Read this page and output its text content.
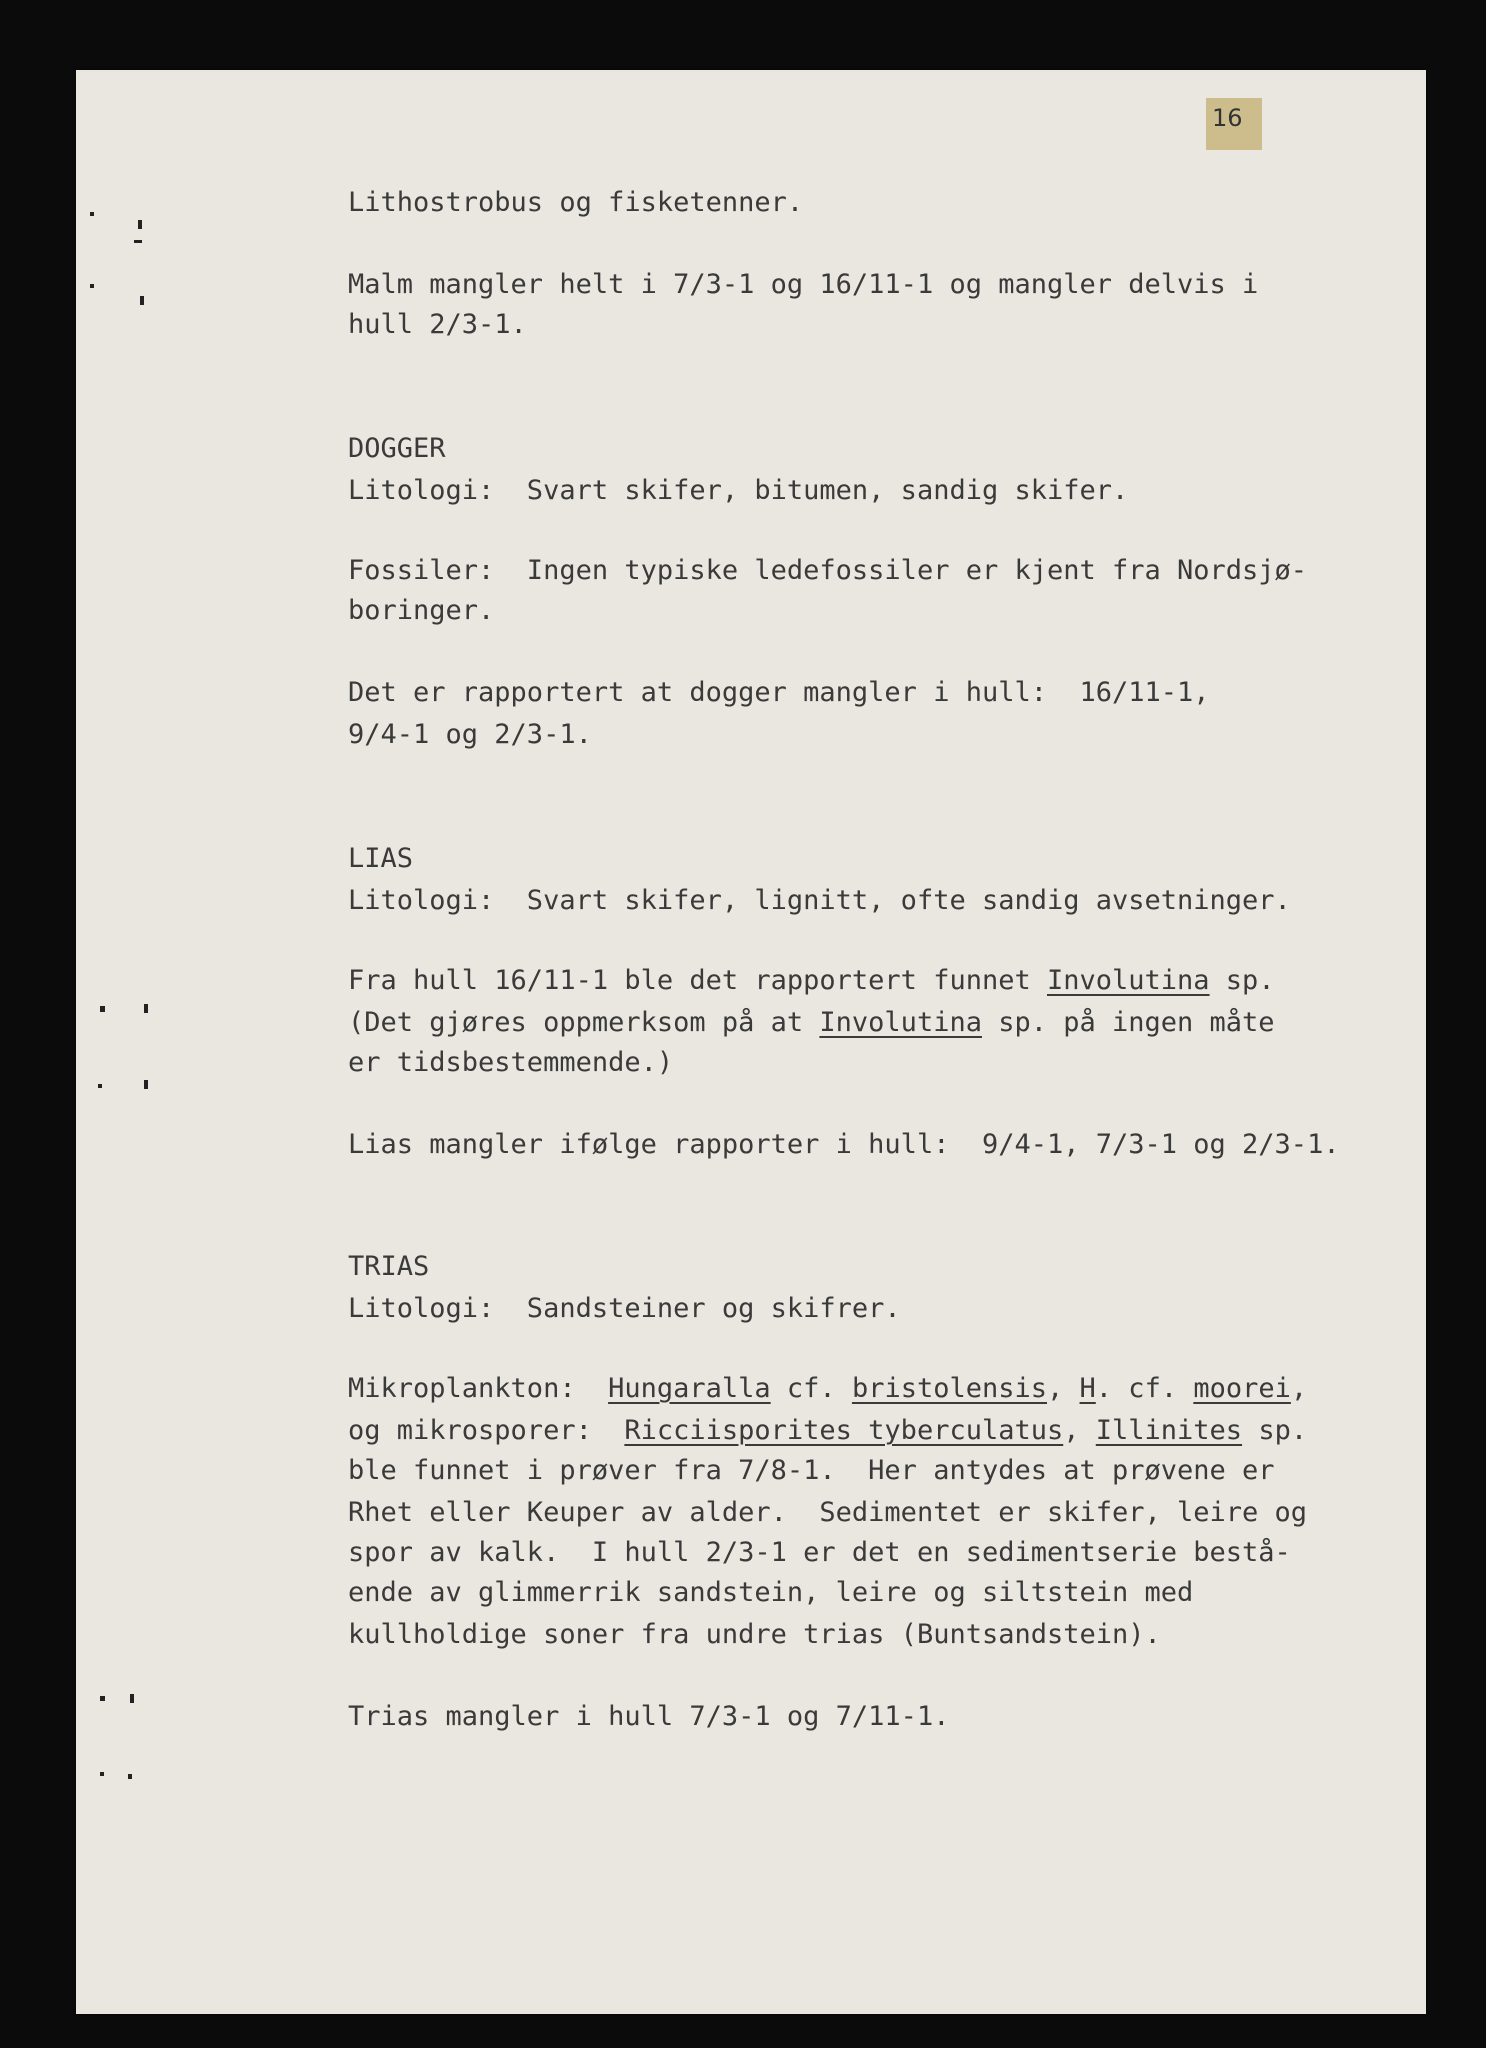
16
Lithostrobus og fisketenner.
Malm mangler helt i 7/3-1 og 16/11-1 og mangler delvis i
hull 2/3-1.
DOGGER
Litologi:  Svart skifer, bitumen, sandig skifer.
Fossiler:  Ingen typiske ledefossiler er kjent fra Nordsjø-
boringer.
Det er rapportert at dogger mangler i hull:  16/11-1,
9/4-1 og 2/3-1.
LIAS
Litologi:  Svart skifer, lignitt, ofte sandig avsetninger.
Fra hull 16/11-1 ble det rapportert funnet Involutina sp.
(Det gjøres oppmerksom på at Involutina sp. på ingen måte
er tidsbestemmende.)
Lias mangler ifølge rapporter i hull:  9/4-1, 7/3-1 og 2/3-1.
TRIAS
Litologi:  Sandsteiner og skifrer.
Mikroplankton:  Hungaralla cf. bristolensis, H. cf. moorei,
og mikrosporer:  Ricciisporites tyberculatus, Illinites sp.
ble funnet i prøver fra 7/8-1.  Her antydes at prøvene er
Rhet eller Keuper av alder.  Sedimentet er skifer, leire og
spor av kalk.  I hull 2/3-1 er det en sedimentserie bestå-
ende av glimmerrik sandstein, leire og siltstein med
kullholdige soner fra undre trias (Buntsandstein).
Trias mangler i hull 7/3-1 og 7/11-1.
